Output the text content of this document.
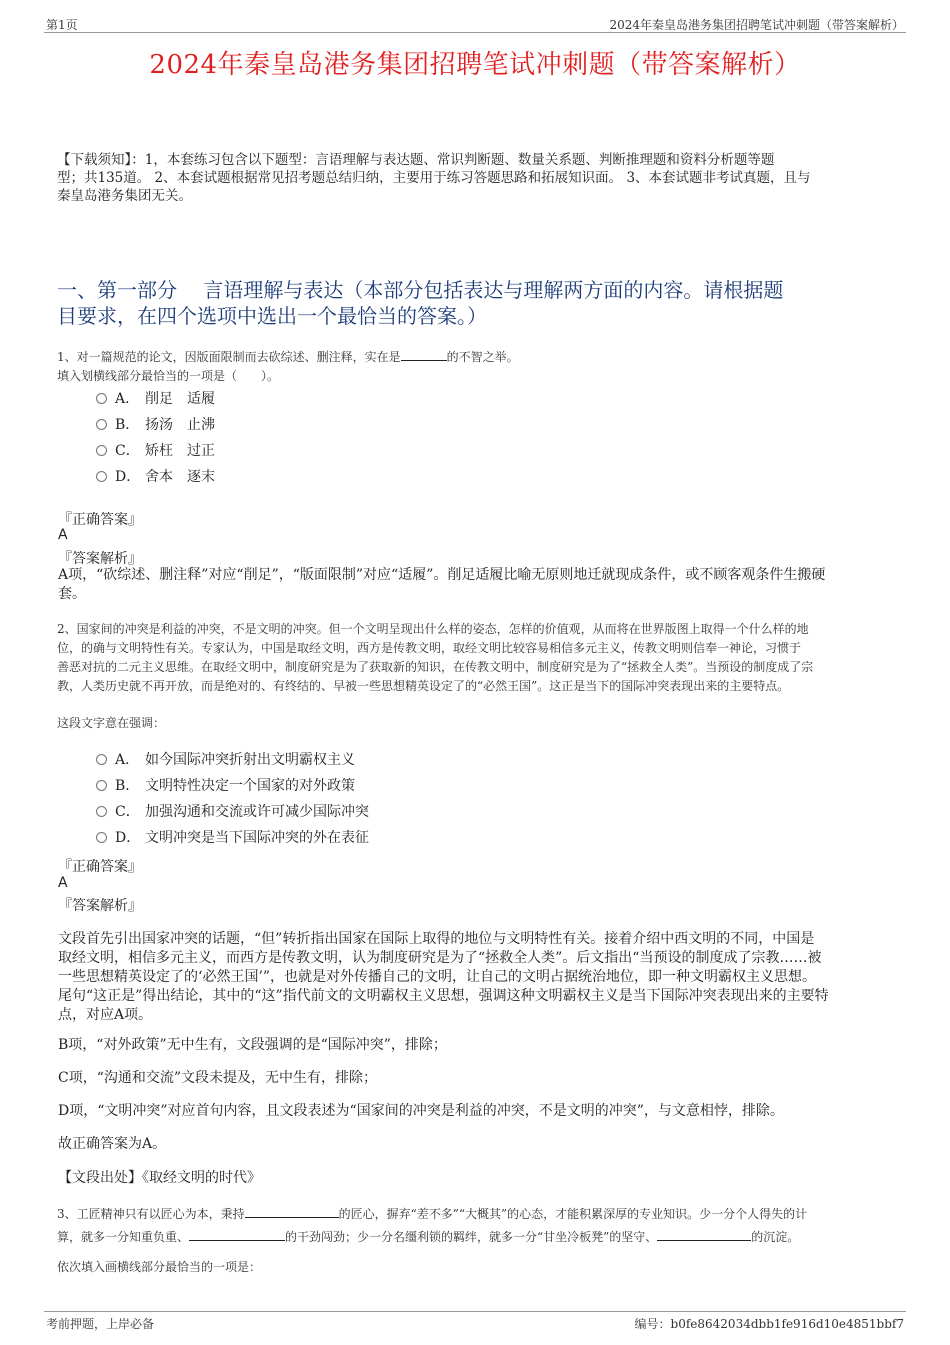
第1页	2024年秦皇岛港务集团招聘笔试冲刺题（带答案解析）
2024年秦皇岛港务集团招聘笔试冲刺题（带答案解析）
【下载须知】：1，本套练习包含以下题型：言语理解与表达题、常识判断题、数量关系题、判断推理题和资料分析题等题
型；共135道。 2、本套试题根据常见招考题总结归纳，主要用于练习答题思路和拓展知识面。 3、本套试题非考试真题，且与
秦皇岛港务集团无关。
一、第一部分　 言语理解与表达（本部分包括表达与理解两方面的内容。请根据题
目要求，在四个选项中选出一个最恰当的答案。）
1、对一篇规范的论文，因版面限制而去砍综述、删注释，实在是	的不智之举。
填入划横线部分最恰当的一项是（　　）。
A． 削足　适履
B． 扬汤　止沸
C． 矫枉　过正
D． 舍本　逐末
『正确答案』
A
『答案解析』
A项，“砍综述、删注释”对应“削足”，“版面限制”对应“适履”。削足适履比喻无原则地迁就现成条件，或不顾客观条件生搬硬
套。
2、国家间的冲突是利益的冲突，不是文明的冲突。但一个文明呈现出什么样的姿态，怎样的价值观，从而将在世界版图上取得一个什么样的地
位，的确与文明特性有关。专家认为，中国是取经文明，西方是传教文明，取经文明比较容易相信多元主义，传教文明则信奉一神论，习惯于
善恶对抗的二元主义思维。在取经文明中，制度研究是为了获取新的知识，在传教文明中，制度研究是为了“拯救全人类”。当预设的制度成了宗
教，人类历史就不再开放，而是绝对的、有终结的、早被一些思想精英设定了的“必然王国”。这正是当下的国际冲突表现出来的主要特点。
这段文字意在强调：
A． 如今国际冲突折射出文明霸权主义
B． 文明特性决定一个国家的对外政策
C． 加强沟通和交流或许可减少国际冲突
D． 文明冲突是当下国际冲突的外在表征
『正确答案』
A
『答案解析』
文段首先引出国家冲突的话题，“但”转折指出国家在国际上取得的地位与文明特性有关。接着介绍中西文明的不同，中国是
取经文明，相信多元主义，而西方是传教文明，认为制度研究是为了“拯救全人类”。后文指出“当预设的制度成了宗教……被
一些思想精英设定了的‘必然王国’”，也就是对外传播自己的文明，让自己的文明占据统治地位，即一种文明霸权主义思想。
尾句“这正是”得出结论，其中的“这”指代前文的文明霸权主义思想，强调这种文明霸权主义是当下国际冲突表现出来的主要特
点，对应A项。
B项，“对外政策”无中生有，文段强调的是“国际冲突”，排除；
C项，“沟通和交流”文段未提及，无中生有，排除；
D项，“文明冲突”对应首句内容，且文段表述为“国家间的冲突是利益的冲突，不是文明的冲突”，与文意相悖，排除。
故正确答案为A。
【文段出处】《取经文明的时代》
3、工匠精神只有以匠心为本，秉持	的匠心，摒弃“差不多”“大概其”的心态，才能积累深厚的专业知识。少一分个人得失的计
算，就多一分知重负重、	的干劲闯劲；少一分名缰利锁的羁绊，就多一分“甘坐冷板凳”的坚守、	的沉淀。
依次填入画横线部分最恰当的一项是：
考前押题，上岸必备	编号：b0fe8642034dbb1fe916d10e4851bbf7
